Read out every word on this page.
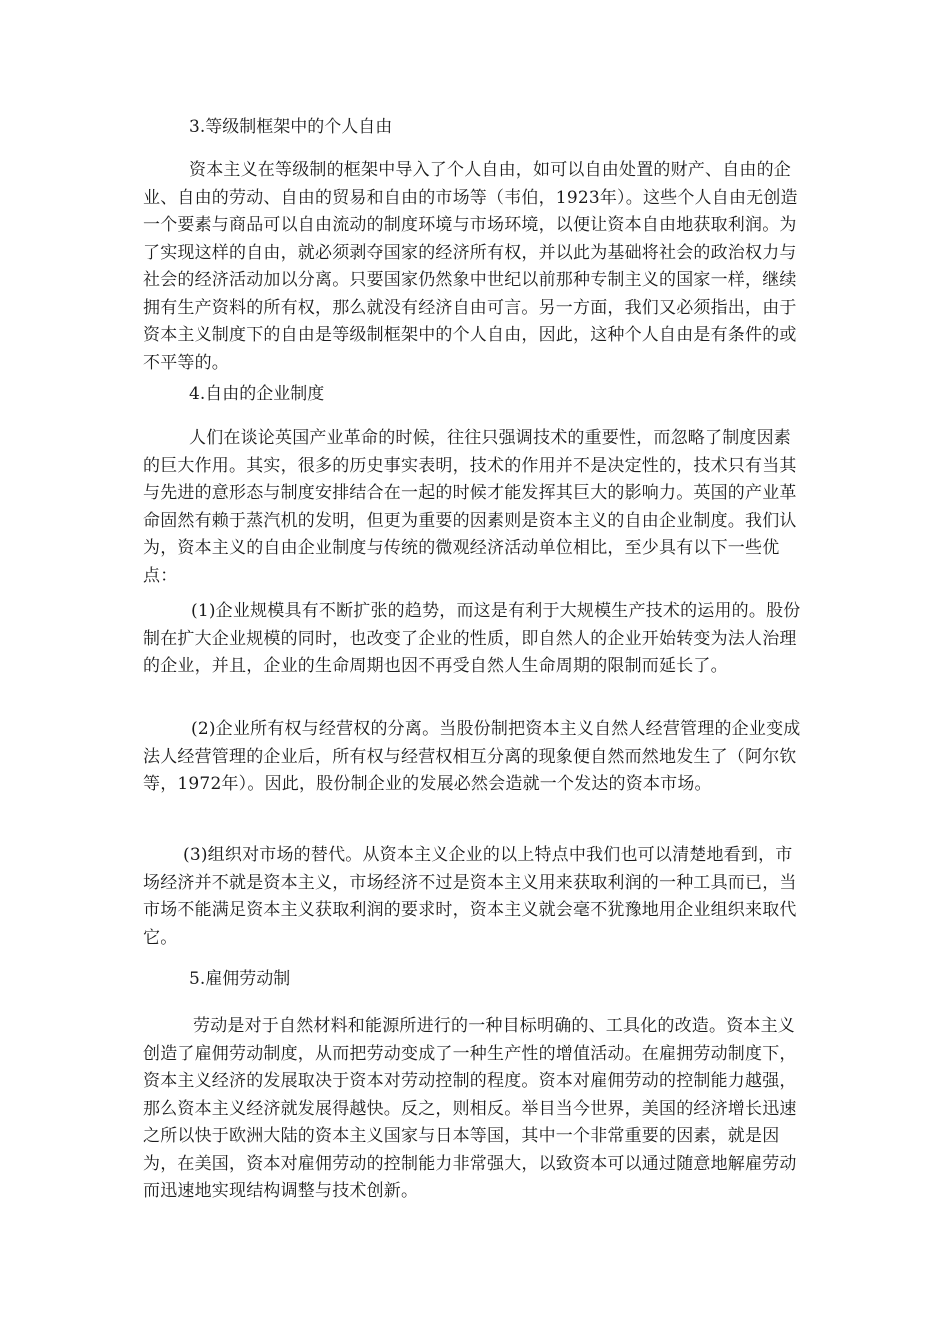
3.等级制框架中的个人自由

资本主义在等级制的框架中导入了个人自由，如可以自由处置的财产、自由的企业、自由的劳动、自由的贸易和自由的市场等（韦伯，1923年）。这些个人自由无创造一个要素与商品可以自由流动的制度环境与市场环境，以便让资本自由地获取利润。为了实现这样的自由，就必须剥夺国家的经济所有权，并以此为基础将社会的政治权力与社会的经济活动加以分离。只要国家仍然象中世纪以前那种专制主义的国家一样，继续拥有生产资料的所有权，那么就没有经济自由可言。另一方面，我们又必须指出，由于资本主义制度下的自由是等级制框架中的个人自由，因此，这种个人自由是有条件的或不平等的。

4.自由的企业制度

人们在谈论英国产业革命的时候，往往只强调技术的重要性，而忽略了制度因素的巨大作用。其实，很多的历史事实表明，技术的作用并不是决定性的，技术只有当其与先进的意形态与制度安排结合在一起的时候才能发挥其巨大的影响力。英国的产业革命固然有赖于蒸汽机的发明，但更为重要的因素则是资本主义的自由企业制度。我们认为，资本主义的自由企业制度与传统的微观经济活动单位相比，至少具有以下一些优点：

(1)企业规模具有不断扩张的趋势，而这是有利于大规模生产技术的运用的。股份制在扩大企业规模的同时，也改变了企业的性质，即自然人的企业开始转变为法人治理的企业，并且，企业的生命周期也因不再受自然人生命周期的限制而延长了。

(2)企业所有权与经营权的分离。当股份制把资本主义自然人经营管理的企业变成法人经营管理的企业后，所有权与经营权相互分离的现象便自然而然地发生了（阿尔钦等，1972年）。因此，股份制企业的发展必然会造就一个发达的资本市场。

(3)组织对市场的替代。从资本主义企业的以上特点中我们也可以清楚地看到，市场经济并不就是资本主义，市场经济不过是资本主义用来获取利润的一种工具而已，当市场不能满足资本主义获取利润的要求时，资本主义就会毫不犹豫地用企业组织来取代它。

5.雇佣劳动制

劳动是对于自然材料和能源所进行的一种目标明确的、工具化的改造。资本主义创造了雇佣劳动制度，从而把劳动变成了一种生产性的增值活动。在雇拥劳动制度下，资本主义经济的发展取决于资本对劳动控制的程度。资本对雇佣劳动的控制能力越强，那么资本主义经济就发展得越快。反之，则相反。举目当今世界，美国的经济增长迅速之所以快于欧洲大陆的资本主义国家与日本等国，其中一个非常重要的因素，就是因为，在美国，资本对雇佣劳动的控制能力非常强大，以致资本可以通过随意地解雇劳动而迅速地实现结构调整与技术创新。
